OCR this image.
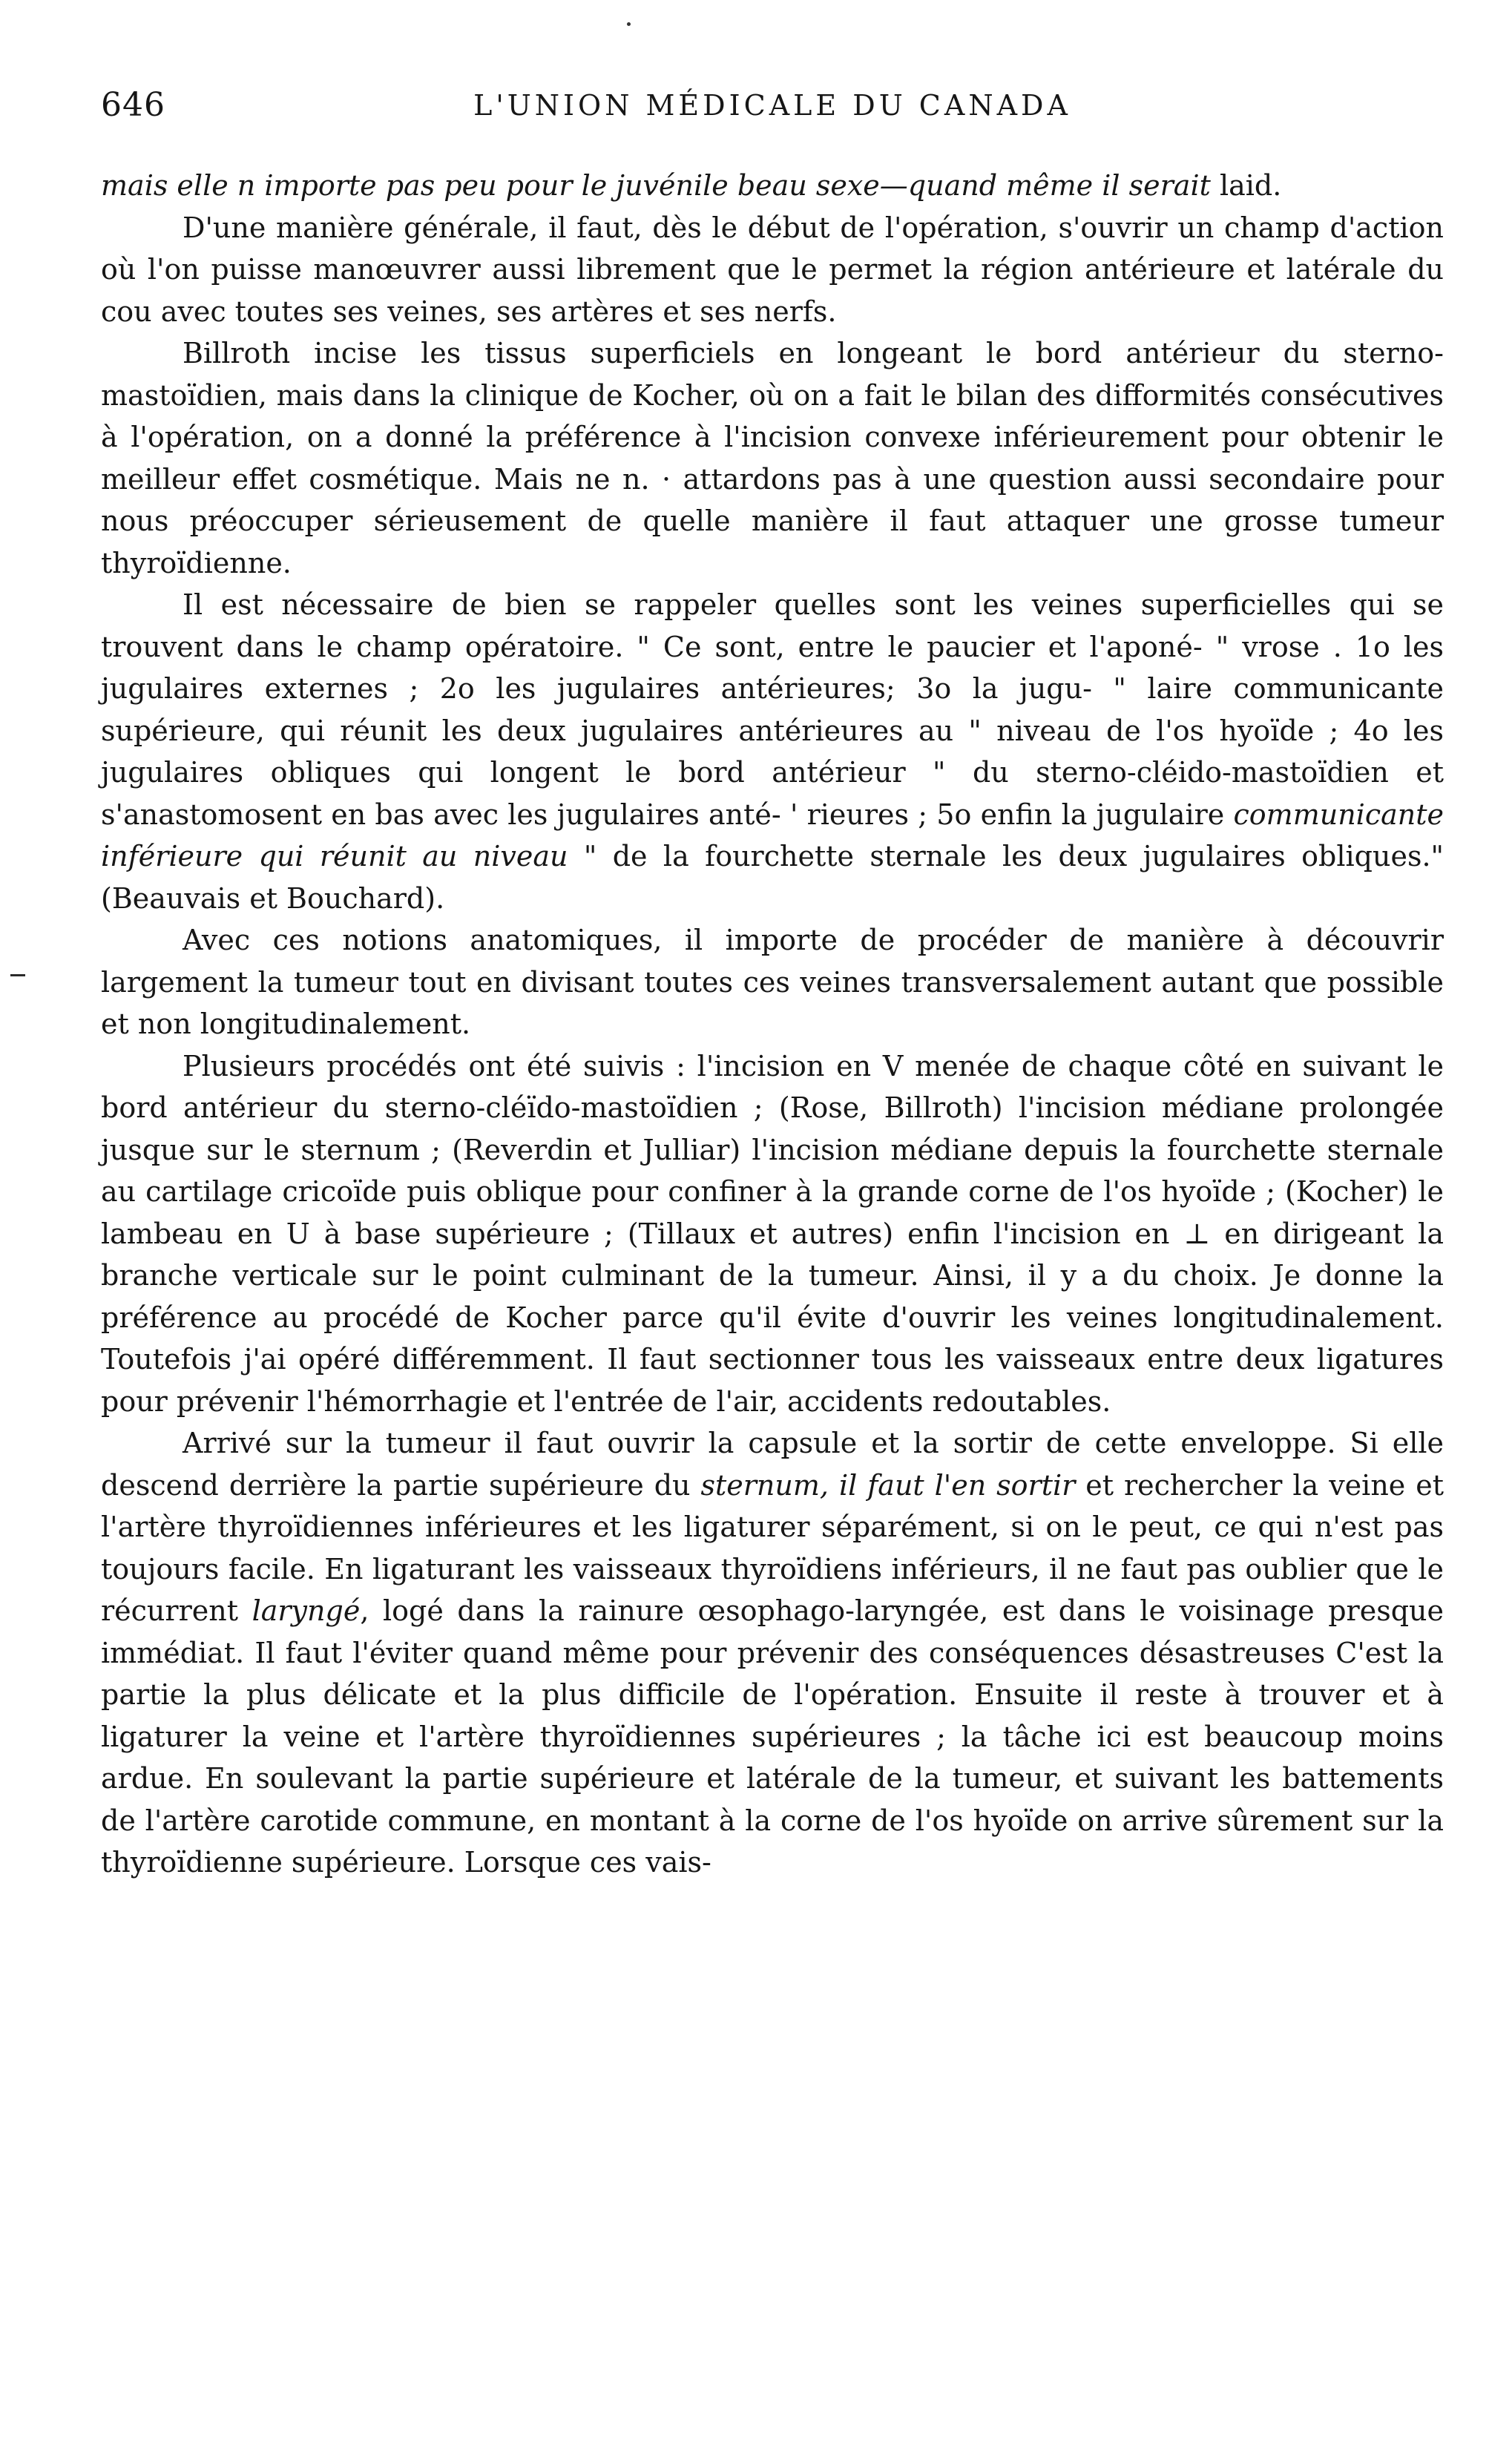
646	L'UNION MÉDICALE DU CANADA

mais elle n importe pas peu pour le juvénile beau sexe—quand même il serait laid.

D'une manière générale, il faut, dès le début de l'opération, s'ouvrir un champ d'action où l'on puisse manœuvrer aussi librement que le permet la région antérieure et latérale du cou avec toutes ses veines, ses artères et ses nerfs.

Billroth incise les tissus superficiels en longeant le bord antérieur du sterno-mastoïdien, mais dans la clinique de Kocher, où on a fait le bilan des difformités consécutives à l'opération, on a donné la préférence à l'incision convexe inférieurement pour obtenir le meilleur effet cosmétique. Mais ne n. · attardons pas à une question aussi secondaire pour nous préoccuper sérieusement de quelle manière il faut attaquer une grosse tumeur thyroïdienne.

Il est nécessaire de bien se rappeler quelles sont les veines superficielles qui se trouvent dans le champ opératoire. " Ce sont, entre le paucier et l'aponé- " vrose . 1o les jugulaires externes ; 2o les jugulaires antérieures; 3o la jugu- " laire communicante supérieure, qui réunit les deux jugulaires antérieures au " niveau de l'os hyoïde ; 4o les jugulaires obliques qui longent le bord antérieur " du sterno-cléido-mastoïdien et s'anastomosent en bas avec les jugulaires anté- ' rieures ; 5o enfin la jugulaire communicante inférieure qui réunit au niveau " de la fourchette sternale les deux jugulaires obliques." (Beauvais et Bouchard).

Avec ces notions anatomiques, il importe de procéder de manière à découvrir largement la tumeur tout en divisant toutes ces veines transversalement autant que possible et non longitudinalement.

Plusieurs procédés ont été suivis : l'incision en V menée de chaque côté en suivant le bord antérieur du sterno-cléïdo-mastoïdien ; (Rose, Billroth) l'incision médiane prolongée jusque sur le sternum ; (Reverdin et Julliar) l'incision médiane depuis la fourchette sternale au cartilage cricoïde puis oblique pour confiner à la grande corne de l'os hyoïde ; (Kocher) le lambeau en U à base supérieure ; (Tillaux et autres) enfin l'incision en ⊥ en dirigeant la branche verticale sur le point culminant de la tumeur. Ainsi, il y a du choix. Je donne la préférence au procédé de Kocher parce qu'il évite d'ouvrir les veines longitudinalement. Toutefois j'ai opéré différemment. Il faut sectionner tous les vaisseaux entre deux ligatures pour prévenir l'hémorrhagie et l'entrée de l'air, accidents redoutables.

Arrivé sur la tumeur il faut ouvrir la capsule et la sortir de cette enveloppe. Si elle descend derrière la partie supérieure du sternum, il faut l'en sortir et rechercher la veine et l'artère thyroïdiennes inférieures et les ligaturer séparément, si on le peut, ce qui n'est pas toujours facile. En ligaturant les vaisseaux thyroïdiens inférieurs, il ne faut pas oublier que le récurrent laryngé, logé dans la rainure œsophago-laryngée, est dans le voisinage presque immédiat. Il faut l'éviter quand même pour prévenir des conséquences désastreuses C'est la partie la plus délicate et la plus difficile de l'opération. Ensuite il reste à trouver et à ligaturer la veine et l'artère thyroïdiennes supérieures ; la tâche ici est beaucoup moins ardue. En soulevant la partie supérieure et latérale de la tumeur, et suivant les battements de l'artère carotide commune, en montant à la corne de l'os hyoïde on arrive sûrement sur la thyroïdienne supérieure. Lorsque ces vais-
